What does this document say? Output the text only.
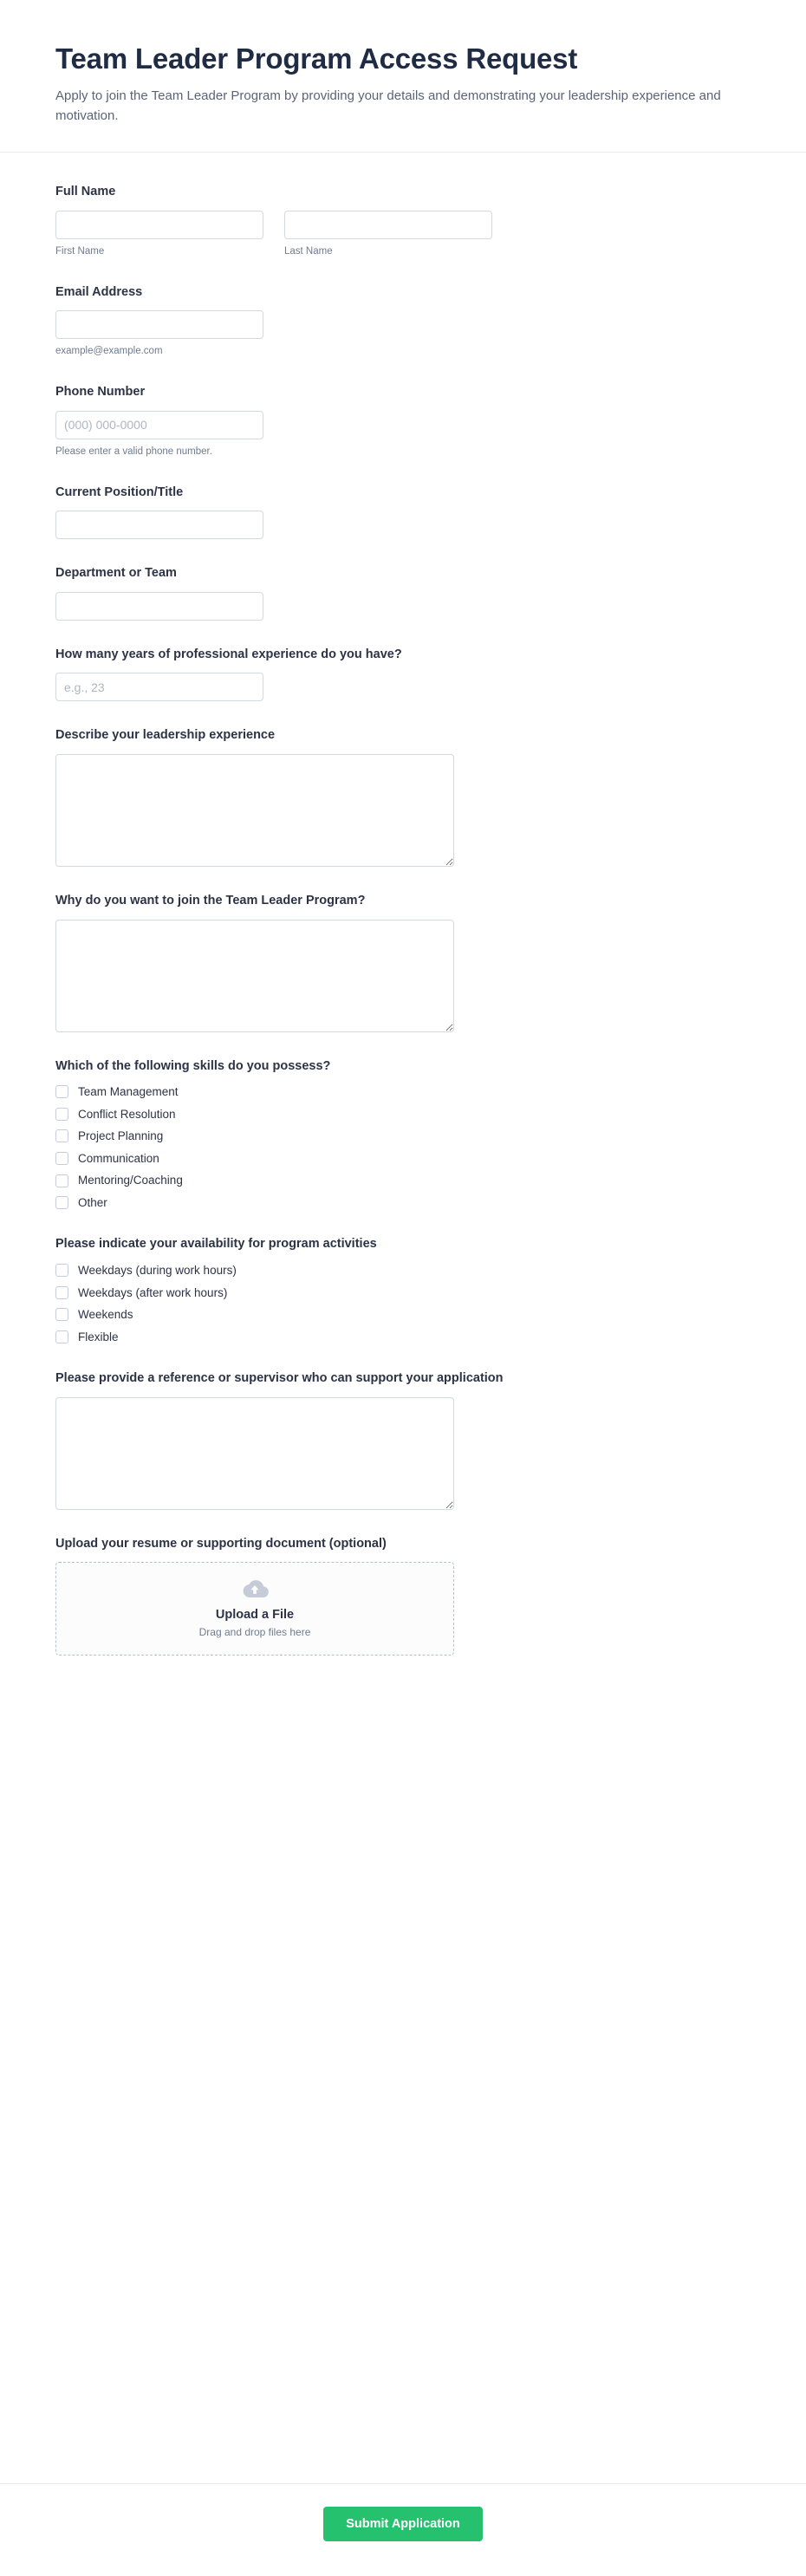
Team Leader Program Access Request

Apply to join the Team Leader Program by providing your details and demonstrating your leadership experience and motivation.

Full Name
First Name	Last Name
Email Address
example@example.com
Phone Number
(000) 000-0000
Please enter a valid phone number.
Current Position/Title
Department or Team
How many years of professional experience do you have?
e.g., 23
Describe your leadership experience
Why do you want to join the Team Leader Program?
Which of the following skills do you possess?
Team Management
Conflict Resolution
Project Planning
Communication
Mentoring/Coaching
Other
Please indicate your availability for program activities
Weekdays (during work hours)
Weekdays (after work hours)
Weekends
Flexible
Please provide a reference or supervisor who can support your application
Upload your resume or supporting document (optional)
Upload a File
Drag and drop files here
Submit Application
